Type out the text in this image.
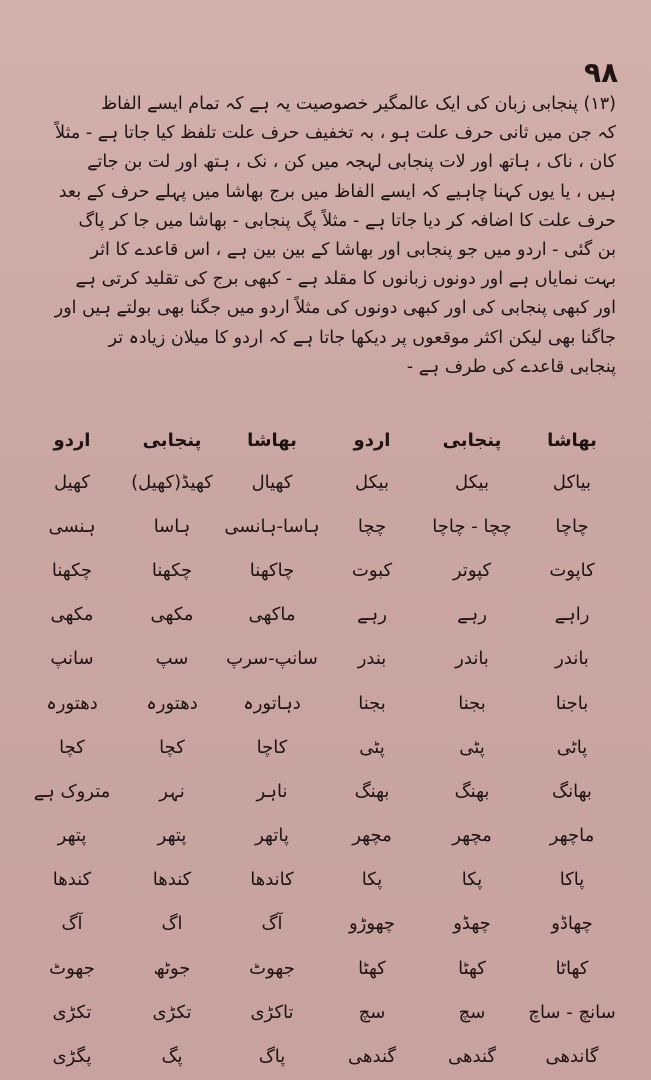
۹۸

(۱۳) پنجابی زبان کی ایک عالمگیر خصوصیت یہ ہے کہ تمام ایسے الفاظ

کہ جن میں ثانی حرف علت ہو ، بہ تخفیف حرف علت تلفظ کیا جاتا ہے - مثلاً

کان ، ناک ، ہاتھ اور لات پنجابی لہجہ میں کن ، نک ، ہتھ اور لت بن جاتے

ہیں ، یا یوں کہنا چاہیے کہ ایسے الفاظ میں برج بھاشا میں پہلے حرف کے بعد

حرف علت کا اضافہ کر دیا جاتا ہے - مثلاً پگ پنجابی - بھاشا میں جا کر پاگ

بن گئی - اردو میں جو پنجابی اور بھاشا کے بین بین ہے ، اس قاعدے کا اثر

بہت نمایاں ہے اور دونوں زبانوں کا مقلد ہے - کبھی برج کی تقلید کرتی ہے

اور کبھی پنجابی کی اور کبھی دونوں کی مثلاً اردو میں جگنا بھی بولتے ہیں اور

جاگنا بھی لیکن اکثر موقعوں پر دیکھا جاتا ہے کہ اردو کا میلان زیادہ تر

پنجابی قاعدے کی طرف ہے -

بھاشا
پنجابی
اردو
بھاشا
پنجابی
اردو
بیاکل
بیکل
بیکل
کھیال
کھیڈ(کھیل)
کھیل
چاچا
چچا - چاچا
چچا
ہاسا-ہانسی
ہاسا
ہنسی
کاپوت
کپوتر
کبوت
چاکھنا
چکھنا
چکھنا
راہے
رہے
رہے
ماکھی
مکھی
مکھی
باندر
باندر
بندر
سانپ-سرپ
سپ
سانپ
باجنا
بجنا
بجنا
دہاتورہ
دھتورہ
دھتورہ
پاٹی
پٹی
پٹی
کاچا
کچا
کچا
بھانگ
بھنگ
بھنگ
ناہر
نہر
متروک ہے
ماچھر
مچھر
مچھر
پاتھر
پتھر
پتھر
پاکا
پکا
پکا
کاندھا
کندھا
کندھا
چھاڈو
چھڈو
چھوڑو
آگ
اگ
آگ
کھاٹا
کھٹا
کھٹا
جھوٹ
جوٹھ
جھوٹ
سانچ - ساچ
سچ
سچ
تاکڑی
تکڑی
تکڑی
گاندھی
گندھی
گندھی
پاگ
پگ
پگڑی
